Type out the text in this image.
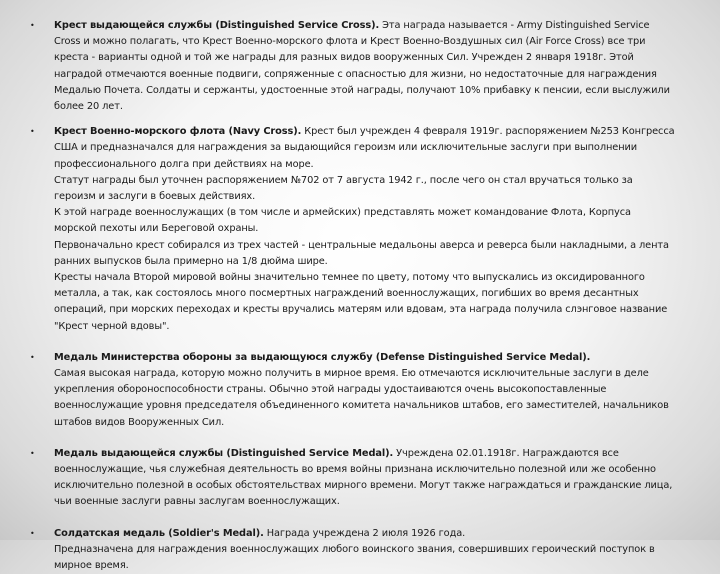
• Крест выдающейся службы (Distinguished Service Cross). Эта награда называется - Army Distinguished Service Cross и можно полагать, что Крест Военно-морского флота и Крест Военно-Воздушных сил (Air Force Cross) все три креста - варианты одной и той же награды для разных видов вооруженных Сил. Учрежден 2 января 1918г. Этой наградой отмечаются военные подвиги, сопряженные с опасностью для жизни, но недостаточные для награждения Медалью Почета. Солдаты и сержанты, удостоенные этой награды, получают 10% прибавку к пенсии, если выслужили более 20 лет.
• Крест Военно-морского флота (Navy Cross). Крест был учрежден 4 февраля 1919г. распоряжением №253 Конгресса США и предназначался для награждения за выдающийся героизм или исключительные заслуги при выполнении профессионального долга при действиях на море.
Статут награды был уточнен распоряжением №702 от 7 августа 1942 г., после чего он стал вручаться только за героизм и заслуги в боевых действиях.
К этой награде военнослужащих (в том числе и армейских) представлять может командование Флота, Корпуса морской пехоты или Береговой охраны.
Первоначально крест собирался из трех частей - центральные медальоны аверса и реверса были накладными, а лента ранних выпусков была примерно на 1/8 дюйма шире.
Кресты начала Второй мировой войны значительно темнее по цвету, потому что выпускались из оксидированного металла, а так, как состоялось много посмертных награждений военнослужащих, погибших во время десантных операций, при морских переходах и кресты вручались матерям или вдовам, эта награда получила слэнговое название "Крест черной вдовы".
• Медаль Министерства обороны за выдающуюся службу (Defense Distinguished Service Medal).
Самая высокая награда, которую можно получить в мирное время. Ею отмечаются исключительные заслуги в деле укрепления обороноспособности страны. Обычно этой награды удостаиваются очень высокопоставленные военнослужащие уровня председателя объединенного комитета начальников штабов, его заместителей, начальников штабов видов Вооруженных Сил.
• Медаль выдающейся службы (Distinguished Service Medal). Учреждена 02.01.1918г. Награждаются все военнослужащие, чья служебная деятельность во время войны признана исключительно полезной или же особенно исключительно полезной в особых обстоятельствах мирного времени. Могут также награждаться и гражданские лица, чьи военные заслуги равны заслугам военнослужащих.
• Солдатская медаль (Soldier's Medal). Награда учреждена 2 июля 1926 года.
Предназначена для награждения военнослужащих любого воинского звания, совершивших героический поступок в мирное время.
